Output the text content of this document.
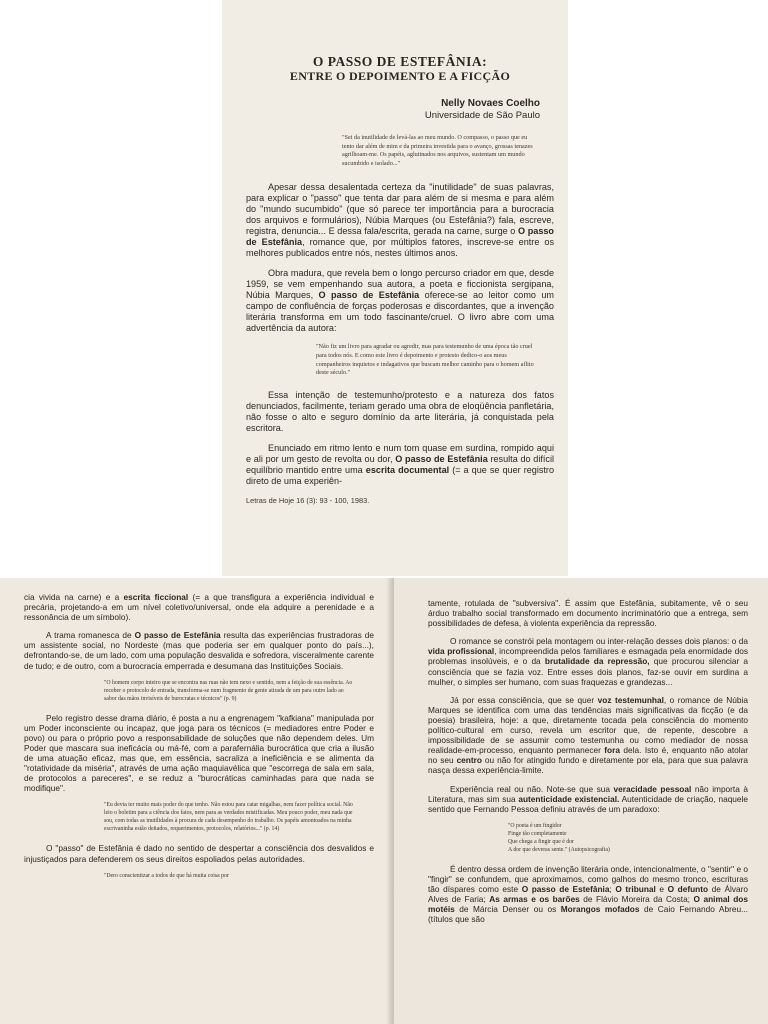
O PASSO DE ESTEFÂNIA:
ENTRE O DEPOIMENTO E A FICÇÃO

Nelly Novaes Coelho

Universidade de São Paulo

"Sei da inutilidade de levá-las ao meu mundo. O compasso, o passo que eu tento dar além de mim e da primeira investida para o avanço, grossas tenazes agrilhoam-me. Os papéis, aglutinados nos arquivos, sustentam um mundo sucumbido e isolado..."

Apesar dessa desalentada certeza da "inutilidade" de suas palavras, para explicar o "passo" que tenta dar para além de si mesma e para além do "mundo sucumbido" (que só parece ter importância para a burocracia dos arquivos e formulários), Núbia Marques (ou Estefânia?) fala, escreve, registra, denuncia... E dessa fala/escrita, gerada na carne, surge o O passo de Estefânia, romance que, por múltiplos fatores, inscreve-se entre os melhores publicados entre nós, nestes últimos anos.

Obra madura, que revela bem o longo percurso criador em que, desde 1959, se vem empenhando sua autora, a poeta e ficcionista sergipana, Núbia Marques, O passo de Estefânia oferece-se ao leitor como um campo de confluência de forças poderosas e discordantes, que a invenção literária transforma em um todo fascinante/cruel. O livro abre com uma advertência da autora:

"Não fiz um livro para agradar ou agredir, mas para testemunho de uma época tão cruel para todos nós. E como este livro é depoimento e protesto dedico-o aos meus companheiros inquietos e indagativos que buscam melhor caminho para o homem aflito deste século."

Essa intenção de testemunho/protesto e a natureza dos fatos denunciados, facilmente, teriam gerado uma obra de eloqüência panfletária, não fosse o alto e seguro domínio da arte literária, já conquistada pela escritora.

Enunciado em ritmo lento e num tom quase em surdina, rompido aqui e ali por um gesto de revolta ou dor, O passo de Estefânia resulta do difícil equilíbrio mantido entre uma escrita documental (= a que se quer registro direto de uma experiên-

Letras de Hoje 16 (3): 93 - 100, 1983.

cia vivida na carne) e a escrita ficcional (= a que transfigura a experiência individual e precária, projetando-a em um nível coletivo/universal, onde ela adquire a perenidade e a ressonância de um símbolo).

A trama romanesca de O passo de Estefânia resulta das experiências frustradoras de um assistente social, no Nordeste (mas que poderia ser em qualquer ponto do país...), defrontando-se, de um lado, com uma população desvalida e sofredora, visceralmente carente de tudo; e de outro, com a burocracia emperrada e desumana das Instituições Sociais.

"O homem corpo inteiro que se encontra nas ruas não tem nexo e sentido, nem a feição de sua essência. Ao receber o protocolo de entrada, transforma-se num fragmento de gente atirada de um para outro lado ao sabor das mãos invisíveis de burocratas e técnicos" (p. 9)

Pelo registro desse drama diário, é posta a nu a engrenagem "kafkiana" manipulada por um Poder inconsciente ou incapaz, que joga para os técnicos (= mediadores entre Poder e povo) ou para o próprio povo a responsabilidade de soluções que não dependem deles. Um Poder que mascara sua ineficácia ou má-fé, com a parafernália burocrática que cria a ilusão de uma atuação eficaz, mas que, em essência, sacraliza a ineficiência e se alimenta da "rotatividade da miséria", através de uma ação maquiavélica que "escorrega de sala em sala, de protocolos a pareceres", e se reduz a "burocráticas caminhadas para que nada se modifique".

"Eu devia ter muito mais poder do que tenho. Não estou para catar migalhas, nem fazer política social. Não leio o boletim para a ciência dos fatos, nem para as verdades mistificadas. Meu pouco poder, meu nada que sou, com todas as inutilidades à procura de cada desempenho do trabalho. Os papéis amontoados na minha escrivaninha estão deitados, requerimentos, protocolos, relatórios..." (p. 14)

O "passo" de Estefânia é dado no sentido de despertar a consciência dos desvalidos e injustiçados para defenderem os seus direitos espoliados pelas autoridades.

"Dero conscientizar a todos de que há muita coisa por

tamente, rotulada de "subversiva". É assim que Estefânia, subitamente, vê o seu árduo trabalho social transformado em documento incriminatório que a entrega, sem possibilidades de defesa, à violenta experiência da repressão.

O romance se constrói pela montagem ou inter-relação desses dois planos: o da vida profissional, incompreendida pelos familiares e esmagada pela enormidade dos problemas insolúveis, e o da brutalidade da repressão, que procurou silenciar a consciência que se fazia voz. Entre esses dois planos, faz-se ouvir em surdina a mulher, o simples ser humano, com suas fraquezas e grandezas...

Já por essa consciência, que se quer voz testemunhal, o romance de Núbia Marques se identifica com uma das tendências mais significativas da ficção (e da poesia) brasileira, hoje: a que, diretamente tocada pela consciência do momento político-cultural em curso, revela um escritor que, de repente, descobre a impossibilidade de se assumir como testemunha ou como mediador de nossa realidade-em-processo, enquanto permanecer fora dela. Isto é, enquanto não atolar no seu centro ou não for atingido fundo e diretamente por ela, para que sua palavra nasça dessa experiência-limite.

Experiência real ou não. Note-se que sua veracidade pessoal não importa à Literatura, mas sim sua autenticidade existencial. Autenticidade de criação, naquele sentido que Fernando Pessoa definiu através de um paradoxo:

"O poeta é um fingidor
Finge tão completamente
Que chega a fingir que é dor
A dor que deveras sente." (Autopsicografia)

É dentro dessa ordem de invenção literária onde, intencionalmente, o "sentir" e o "fingir" se confundem, que aproximamos, como galhos do mesmo tronco, escrituras tão díspares como este O passo de Estefânia; O tribunal e O defunto de Álvaro Alves de Faria; As armas e os barões de Flávio Moreira da Costa; O animal dos motéis de Márcia Denser ou os Morangos mofados de Caio Fernando Abreu... (títulos que são
